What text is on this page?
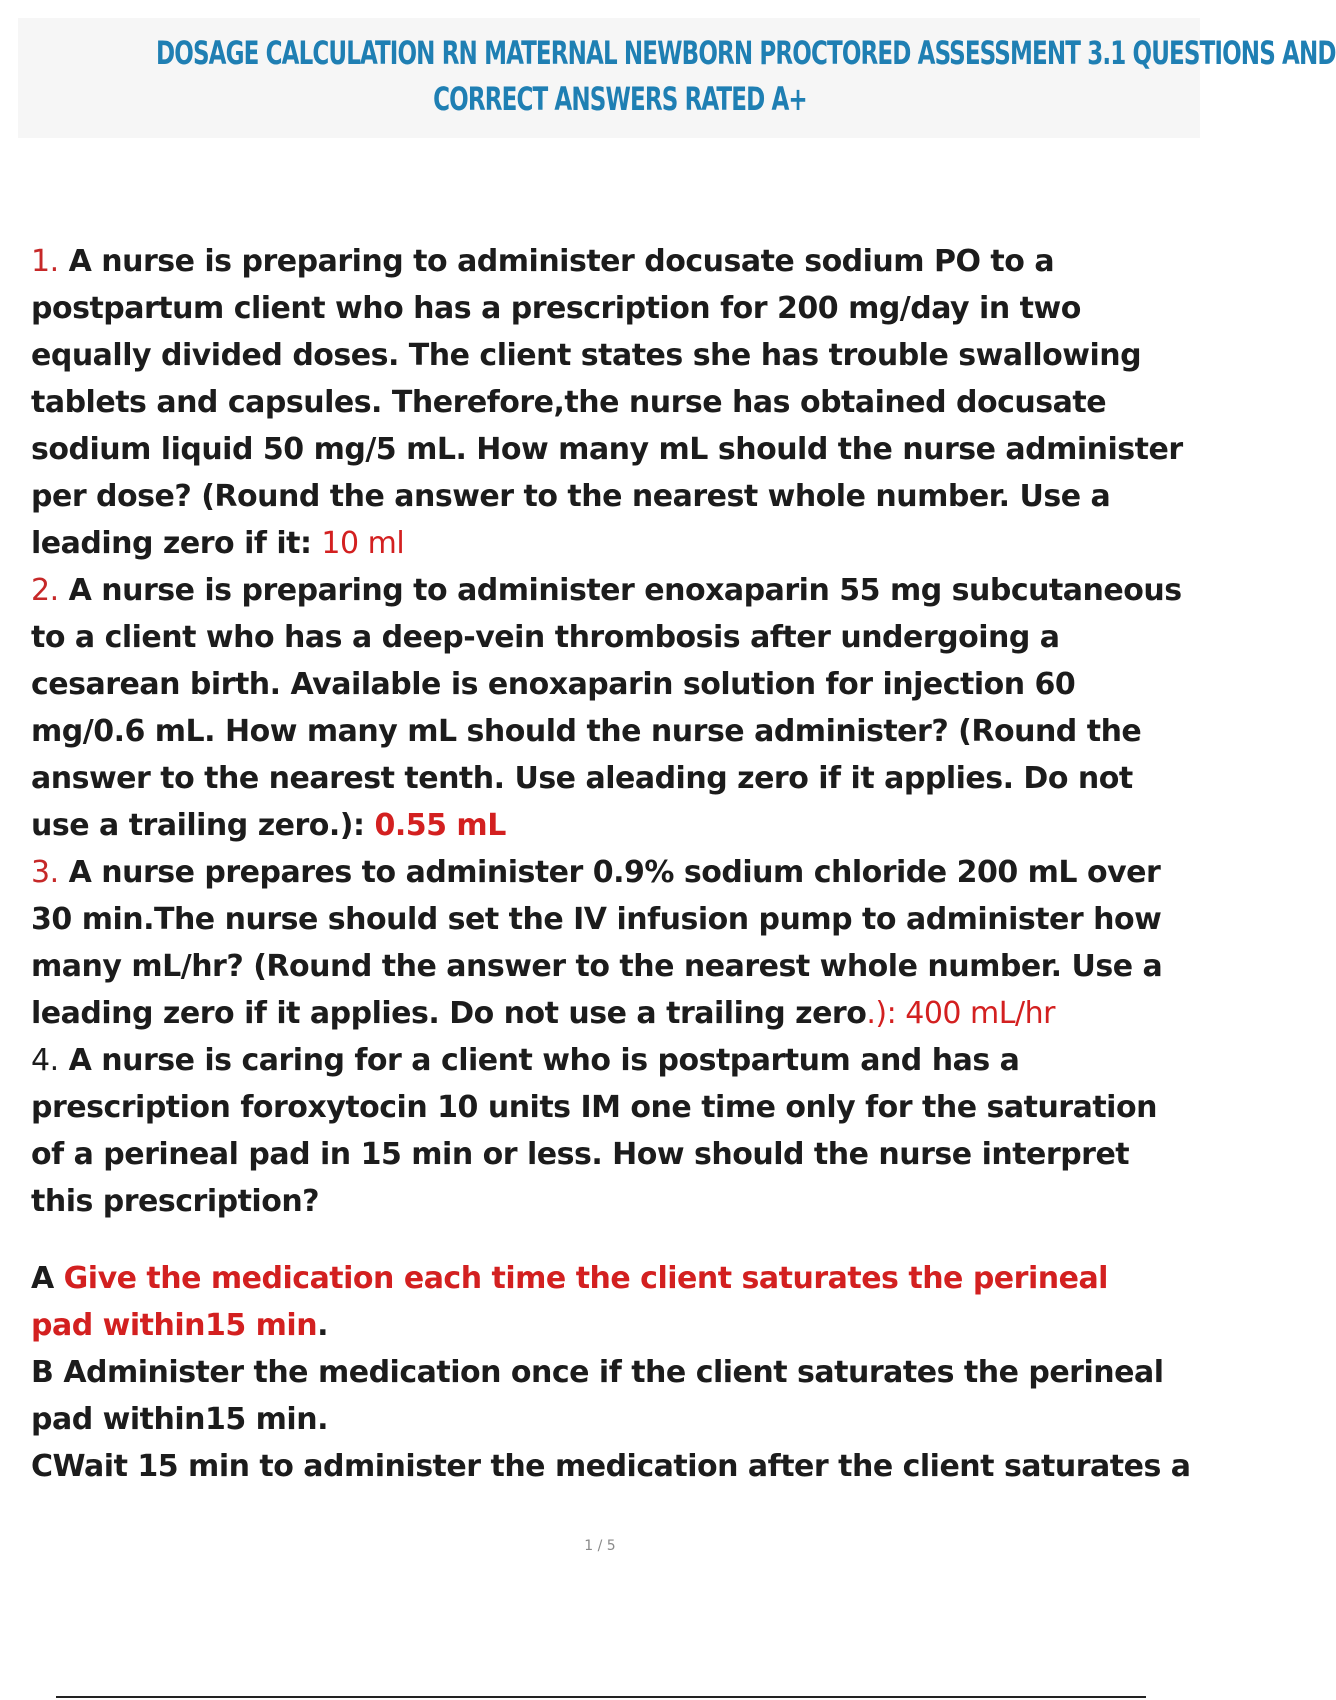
DOSAGE CALCULATION RN MATERNAL NEWBORN PROCTORED ASSESSMENT 3.1 QUESTIONS AND
CORRECT ANSWERS RATED A+
1. A nurse is preparing to administer docusate sodium PO to a
postpartum client who has a prescription for 200 mg/day in two
equally divided doses. The client states she has trouble swallowing
tablets and capsules. Therefore,the nurse has obtained docusate
sodium liquid 50 mg/5 mL. How many mL should the nurse administer
per dose? (Round the answer to the nearest whole number. Use a
leading zero if it: 10 ml
2. A nurse is preparing to administer enoxaparin 55 mg subcutaneous
to a client who has a deep-vein thrombosis after undergoing a
cesarean birth. Available is enoxaparin solution for injection 60
mg/0.6 mL. How many mL should the nurse administer? (Round the
answer to the nearest tenth. Use aleading zero if it applies. Do not
use a trailing zero.): 0.55 mL
3. A nurse prepares to administer 0.9% sodium chloride 200 mL over
30 min.The nurse should set the IV infusion pump to administer how
many mL/hr? (Round the answer to the nearest whole number. Use a
leading zero if it applies. Do not use a trailing zero.): 400 mL/hr
4. A nurse is caring for a client who is postpartum and has a
prescription foroxytocin 10 units IM one time only for the saturation
of a perineal pad in 15 min or less. How should the nurse interpret
this prescription?
A Give the medication each time the client saturates the perineal
pad within15 min.
B Administer the medication once if the client saturates the perineal
pad within15 min.
CWait 15 min to administer the medication after the client saturates a
1 / 5
